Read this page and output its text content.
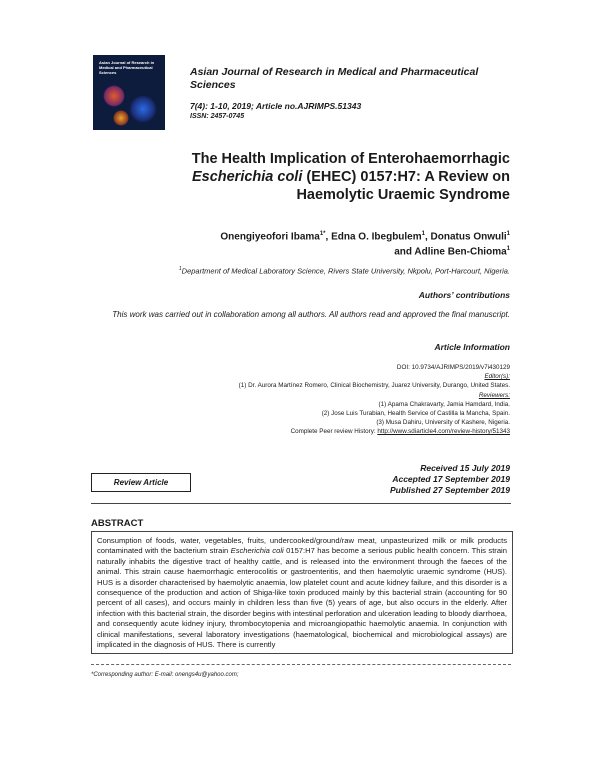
Asian Journal of Research in Medical and Pharmaceutical Sciences	Asian Journal of Research in Medical and Pharmaceutical Sciences
7(4): 1-10, 2019; Article no.AJRIMPS.51343
ISSN: 2457-0745
The Health Implication of Enterohaemorrhagic
Escherichia coli (EHEC) 0157:H7: A Review on
Haemolytic Uraemic Syndrome
Onengiyeofori Ibama$^{1*}$, Edna O. Ibegbulem$^1$, Donatus Onwuli$^1$
and Adline Ben-Chioma$^1$
$^1$Department of Medical Laboratory Science, Rivers State University, Nkpolu, Port-Harcourt, Nigeria.
Authors’ contributions
This work was carried out in collaboration among all authors. All authors read and approved the final manuscript.
Article Information
DOI: 10.9734/AJRIMPS/2019/v7i430129
Editor(s):
(1) Dr. Aurora Martínez Romero, Clinical Biochemistry, Juarez University, Durango, United States.
Reviewers:
(1) Aparna Chakravarty, Jamia Hamdard, India.
(2) Jose Luis Turabian, Health Service of Castilla la Mancha, Spain.
(3) Musa Dahiru, University of Kashere, Nigeria.
Complete Peer review History: http://www.sdiarticle4.com/review-history/51343
Review Article
Received 15 July 2019
Accepted 17 September 2019
Published 27 September 2019
ABSTRACT
Consumption of foods, water, vegetables, fruits, undercooked/ground/raw meat, unpasteurized milk or milk products contaminated with the bacterium strain Escherichia coli 0157:H7 has become a serious public health concern. This strain naturally inhabits the digestive tract of healthy cattle, and is released into the environment through the faeces of the animal. This strain cause haemorrhagic enterocolitis or gastroenteritis, and then haemolytic uraemic syndrome (HUS). HUS is a disorder characterised by haemolytic anaemia, low platelet count and acute kidney failure, and this disorder is a consequence of the production and action of Shiga-like toxin produced mainly by this bacterial strain (accounting for 90 percent of all cases), and occurs mainly in children less than five (5) years of age, but also occurs in the elderly. After infection with this bacterial strain, the disorder begins with intestinal perforation and ulceration leading to bloody diarrhoea, and consequently acute kidney injury, thrombocytopenia and microangiopathic haemolytic anaemia. In conjunction with clinical manifestations, several laboratory investigations (haematological, biochemical and microbiological assays) are implicated in the diagnosis of HUS. There is currently
*Corresponding author: E-mail: onengs4u@yahoo.com;
